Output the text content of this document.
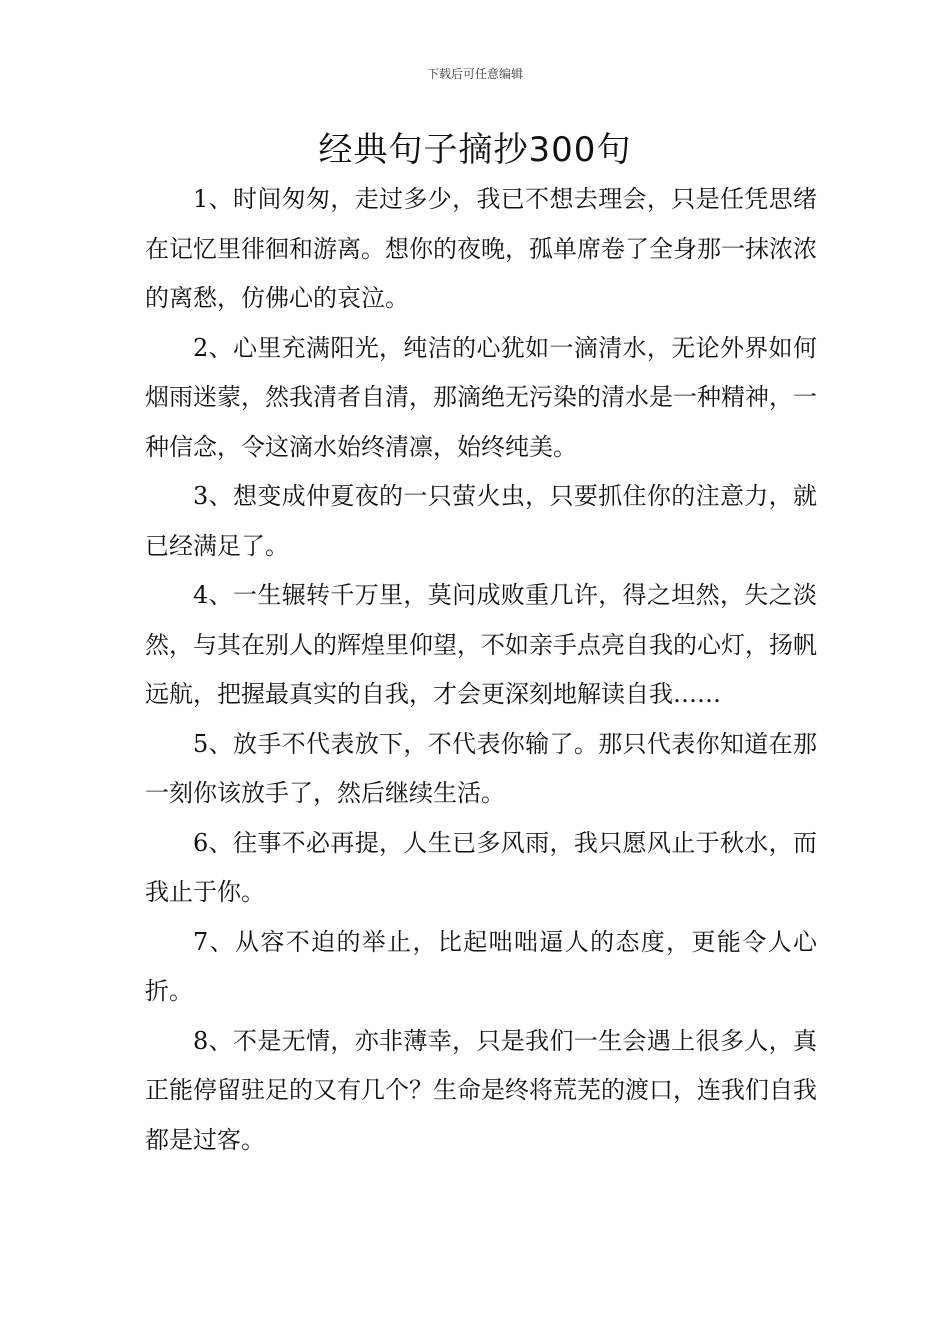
下载后可任意编辑
经典句子摘抄300句

1、时间匆匆，走过多少，我已不想去理会，只是任凭思绪在记忆里徘徊和游离。想你的夜晚，孤单席卷了全身那一抹浓浓的离愁，仿佛心的哀泣。

2、心里充满阳光，纯洁的心犹如一滴清水，无论外界如何烟雨迷蒙，然我清者自清，那滴绝无污染的清水是一种精神，一种信念，令这滴水始终清凛，始终纯美。

3、想变成仲夏夜的一只萤火虫，只要抓住你的注意力，就已经满足了。

4、一生辗转千万里，莫问成败重几许，得之坦然，失之淡然，与其在别人的辉煌里仰望，不如亲手点亮自我的心灯，扬帆远航，把握最真实的自我，才会更深刻地解读自我……

5、放手不代表放下，不代表你输了。那只代表你知道在那一刻你该放手了，然后继续生活。

6、往事不必再提，人生已多风雨，我只愿风止于秋水，而我止于你。

7、从容不迫的举止，比起咄咄逼人的态度，更能令人心折。

8、不是无情，亦非薄幸，只是我们一生会遇上很多人，真正能停留驻足的又有几个？生命是终将荒芜的渡口，连我们自我都是过客。
